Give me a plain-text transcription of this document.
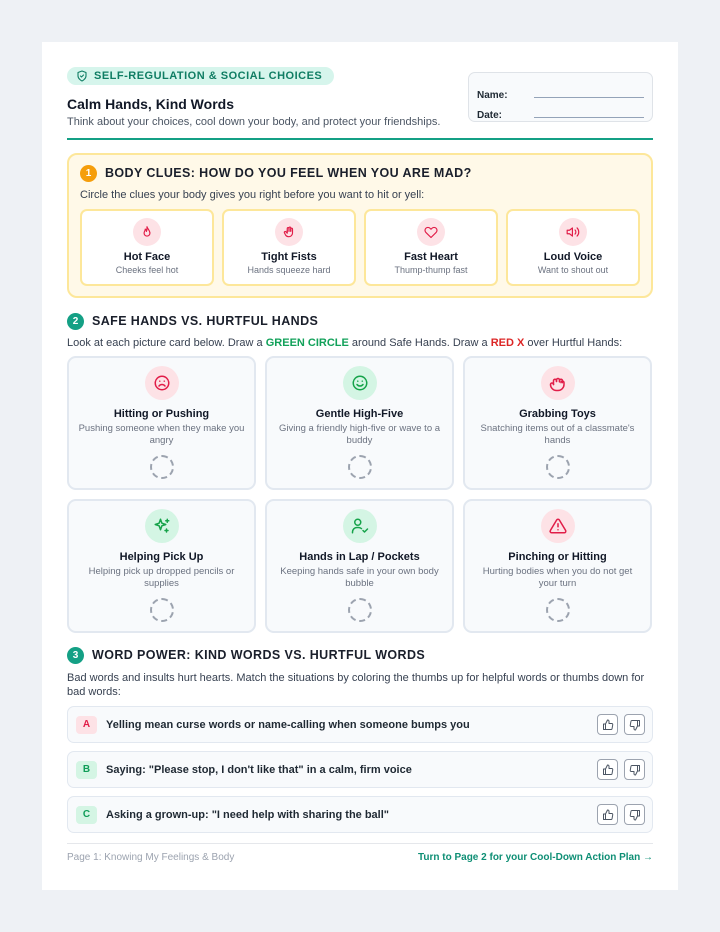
SELF-REGULATION & SOCIAL CHOICES
Calm Hands, Kind Words
Think about your choices, cool down your body, and protect your friendships.
Name:
Date:
1	BODY CLUES: HOW DO YOU FEEL WHEN YOU ARE MAD?
Circle the clues your body gives you right before you want to hit or yell:
Hot Face
Cheeks feel hot
Tight Fists
Hands squeeze hard
Fast Heart
Thump-thump fast
Loud Voice
Want to shout out
2	SAFE HANDS VS. HURTFUL HANDS
Look at each picture card below. Draw a GREEN CIRCLE around Safe Hands. Draw a RED X over Hurtful Hands:
Hitting or Pushing
Pushing someone when they make you angry
Gentle High-Five
Giving a friendly high-five or wave to a buddy
Grabbing Toys
Snatching items out of a classmate's hands
Helping Pick Up
Helping pick up dropped pencils or supplies
Hands in Lap / Pockets
Keeping hands safe in your own body bubble
Pinching or Hitting
Hurting bodies when you do not get your turn
3	WORD POWER: KIND WORDS VS. HURTFUL WORDS
Bad words and insults hurt hearts. Match the situations by coloring the thumbs up for helpful words or thumbs down for bad words:
A	Yelling mean curse words or name-calling when someone bumps you
B	Saying: "Please stop, I don't like that" in a calm, firm voice
C	Asking a grown-up: "I need help with sharing the ball"
Page 1: Knowing My Feelings & Body	Turn to Page 2 for your Cool-Down Action Plan →
